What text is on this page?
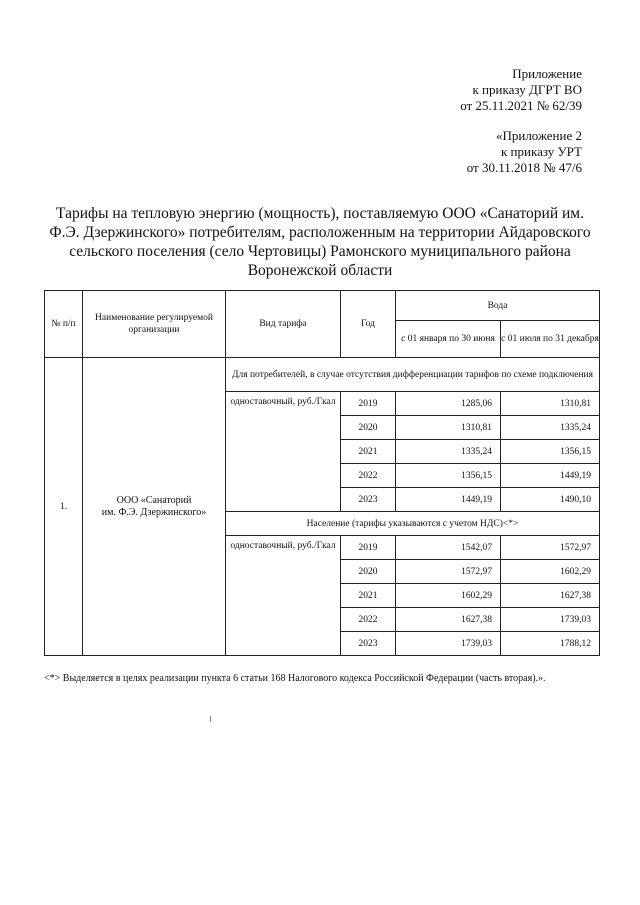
Приложение
к приказу ДГРТ ВО
от 25.11.2021 № 62/39
«Приложение 2
к приказу УРТ
от 30.11.2018 № 47/6
Тарифы на тепловую энергию (мощность), поставляемую ООО «Санаторий им.
Ф.Э. Дзержинского» потребителям, расположенным на территории Айдаровского
сельского поселения (село Чертовицы) Рамонского муниципального района
Воронежской области
№ п/п	Наименование регулируемой организации	Вид тарифа	Год	Вода	
				с 01 января по 30 июня	с 01 июля по 31 декабря
1.	ООО «Санаторий
им. Ф.Э. Дзержинского»	Для потребителей, в случае отсутствия дифференциации тарифов по схеме подключения			
		одноставочный, руб./Гкал	2019	1285,06	1310,81
			2020	1310,81	1335,24
			2021	1335,24	1356,15
			2022	1356,15	1449,19
			2023	1449,19	1490,10
		Население (тарифы указываются с учетом НДС)<*>			
		одноставочный, руб./Гкал	2019	1542,07	1572,97
			2020	1572,97	1602,29
			2021	1602,29	1627,38
			2022	1627,38	1739,03
			2023	1739,03	1788,12
<*> Выделяется в целях реализации пункта 6 статьи 168 Налогового кодекса Российской Федерации (часть вторая).».
